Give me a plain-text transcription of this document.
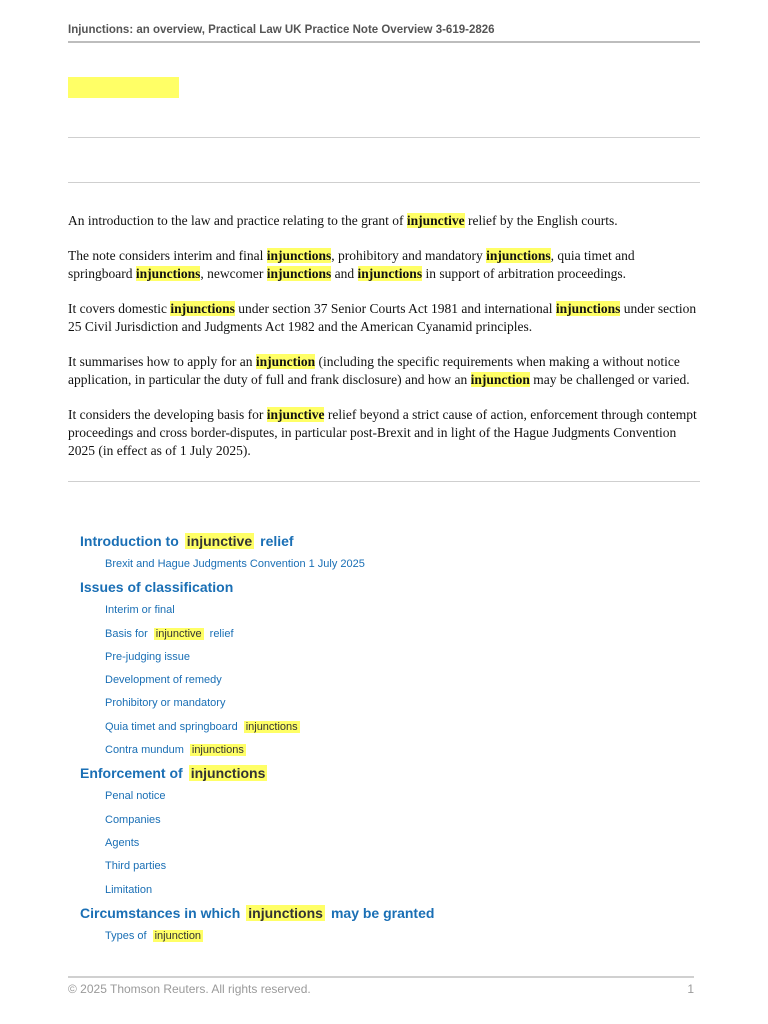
Injunctions: an overview, Practical Law UK Practice Note Overview 3-619-2826

An introduction to the law and practice relating to the grant of injunctive relief by the English courts.

The note considers interim and final injunctions, prohibitory and mandatory injunctions, quia timet and springboard injunctions, newcomer injunctions and injunctions in support of arbitration proceedings.

It covers domestic injunctions under section 37 Senior Courts Act 1981 and international injunctions under section 25 Civil Jurisdiction and Judgments Act 1982 and the American Cyanamid principles.

It summarises how to apply for an injunction (including the specific requirements when making a without notice application, in particular the duty of full and frank disclosure) and how an injunction may be challenged or varied.

It considers the developing basis for injunctive relief beyond a strict cause of action, enforcement through contempt proceedings and cross border-disputes, in particular post-Brexit and in light of the Hague Judgments Convention 2025 (in effect as of 1 July 2025).

Introduction to injunctive relief
Brexit and Hague Judgments Convention 1 July 2025
Issues of classification
Interim or final
Basis for injunctive relief
Pre-judging issue
Development of remedy
Prohibitory or mandatory
Quia timet and springboard injunctions
Contra mundum injunctions
Enforcement of injunctions
Penal notice
Companies
Agents
Third parties
Limitation
Circumstances in which injunctions may be granted
Types of injunction
© 2025 Thomson Reuters. All rights reserved.	1
